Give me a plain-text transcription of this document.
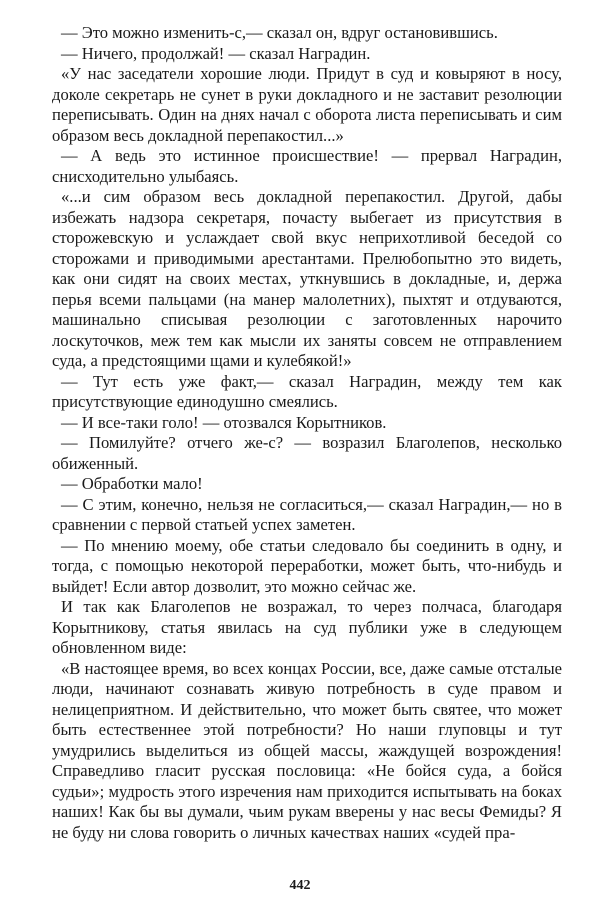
— Это можно изменить-с,— сказал он, вдруг остановившись.

— Ничего, продолжай! — сказал Наградин.

«У нас заседатели хорошие люди. Придут в суд и ковыряют в носу, доколе секретарь не сунет в руки докладного и не заставит резолюции переписывать. Один на днях начал с оборота листа переписывать и сим образом весь докладной перепакостил...»

— А ведь это истинное происшествие! — прервал Наградин, снисходительно улыбаясь.

«...и сим образом весь докладной перепакостил. Другой, дабы избежать надзора секретаря, почасту выбегает из присутствия в сторожевскую и услаждает свой вкус неприхотливой беседой со сторожами и приводимыми арестантами. Прелюбопытно это видеть, как они сидят на своих местах, уткнувшись в докладные, и, держа перья всеми пальцами (на манер малолетних), пыхтят и отдуваются, машинально списывая резолюции с заготовленных нарочито лоскуточков, меж тем как мысли их заняты совсем не отправлением суда, а предстоящими щами и кулебякой!»

— Тут есть уже факт,— сказал Наградин, между тем как присутствующие единодушно смеялись.

— И все-таки голо! — отозвался Корытников.

— Помилуйте? отчего же-с? — возразил Благолепов, несколько обиженный.

— Обработки мало!

— С этим, конечно, нельзя не согласиться,— сказал Наградин,— но в сравнении с первой статьей успех заметен.

— По мнению моему, обе статьи следовало бы соединить в одну, и тогда, с помощью некоторой переработки, может быть, что-нибудь и выйдет! Если автор дозволит, это можно сейчас же.

И так как Благолепов не возражал, то через полчаса, благодаря Корытникову, статья явилась на суд публики уже в следующем обновленном виде:

«В настоящее время, во всех концах России, все, даже самые отсталые люди, начинают сознавать живую потребность в суде правом и нелицеприятном. И действительно, что может быть святее, что может быть естественнее этой потребности? Но наши глуповцы и тут умудрились выделиться из общей массы, жаждущей возрождения! Справедливо гласит русская пословица: «Не бойся суда, а бойся судьи»; мудрость этого изречения нам приходится испытывать на боках наших! Как бы вы думали, чьим рукам вверены у нас весы Фемиды? Я не буду ни слова говорить о личных качествах наших «судей пра-

442
